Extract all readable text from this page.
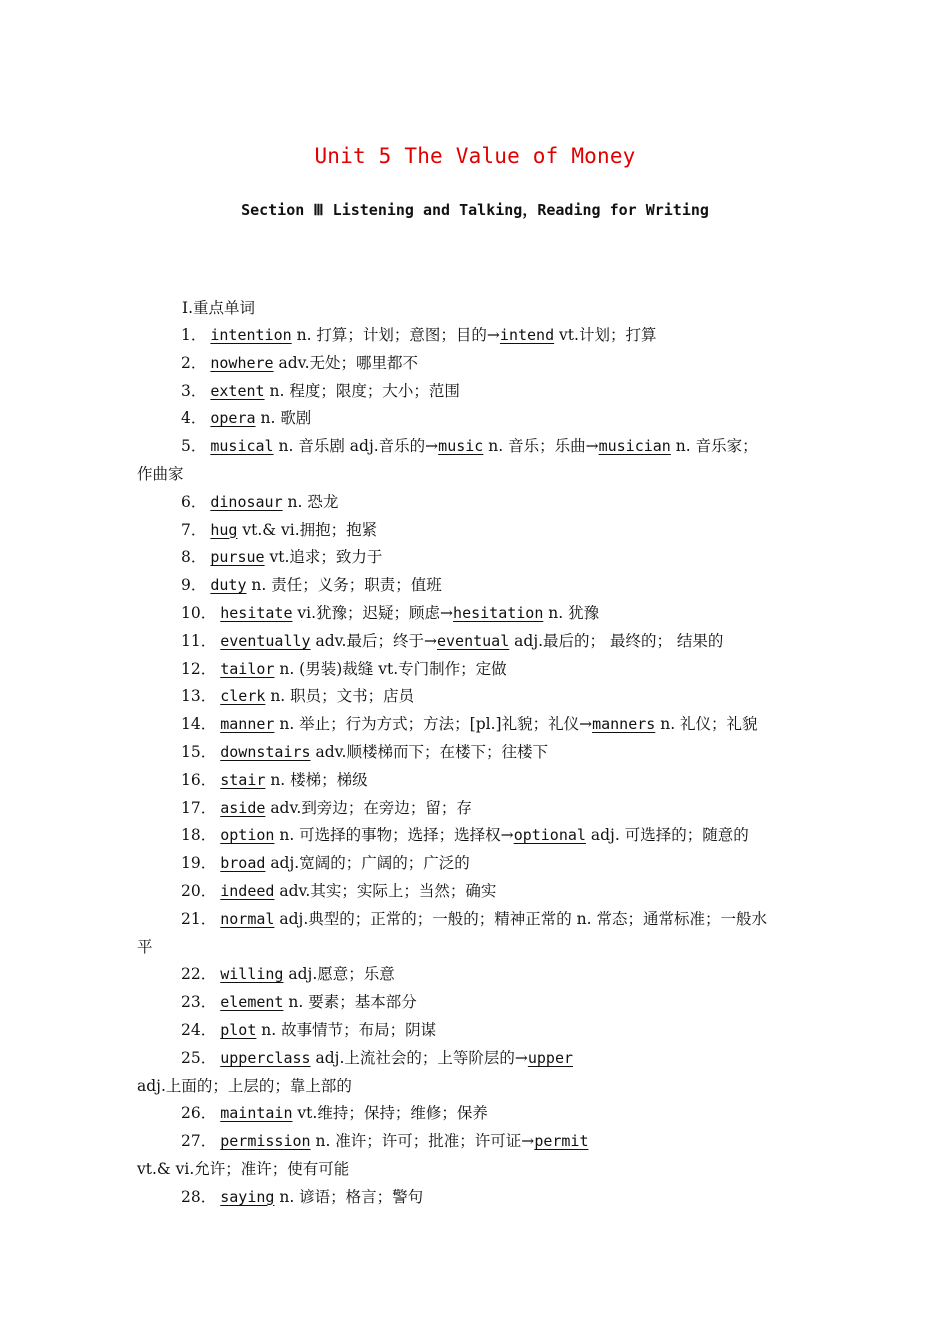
Unit 5 The Value of Money
Section Ⅲ Listening and Talking，Reading for Writing
Ⅰ.重点单词
1． intention n. 打算；计划；意图；目的→intend vt.计划；打算
2． nowhere adv.无处；哪里都不
3． extent n. 程度；限度；大小；范围
4． opera n. 歌剧
5． musical n. 音乐剧 adj.音乐的→music n. 音乐；乐曲→musician n. 音乐家；
作曲家
6． dinosaur n. 恐龙
7． hug vt.& vi.拥抱；抱紧
8． pursue vt.追求；致力于
9． duty n. 责任；义务；职责；值班
10． hesitate vi.犹豫；迟疑；顾虑→hesitation n. 犹豫
11． eventually adv.最后；终于→eventual adj.最后的； 最终的； 结果的
12． tailor n. (男装)裁缝 vt.专门制作；定做
13． clerk n. 职员；文书；店员
14． manner n. 举止；行为方式；方法；[pl.]礼貌；礼仪→manners n. 礼仪；礼貌
15． downstairs adv.顺楼梯而下；在楼下；往楼下
16． stair n. 楼梯；梯级
17． aside adv.到旁边；在旁边；留；存
18． option n. 可选择的事物；选择；选择权→optional adj. 可选择的；随意的
19． broad adj.宽阔的；广阔的；广泛的
20． indeed adv.其实；实际上；当然；确实
21． normal adj.典型的；正常的；一般的；精神正常的 n. 常态；通常标准；一般水
平
22． willing adj.愿意；乐意
23． element n. 要素；基本部分
24． plot n. 故事情节；布局；阴谋
25． upperclass adj.上流社会的；上等阶层的→upper
adj.上面的；上层的；靠上部的
26． maintain vt.维持；保持；维修；保养
27． permission n. 准许；许可；批准；许可证→permit
vt.& vi.允许；准许；使有可能
28． saying n. 谚语；格言；警句
